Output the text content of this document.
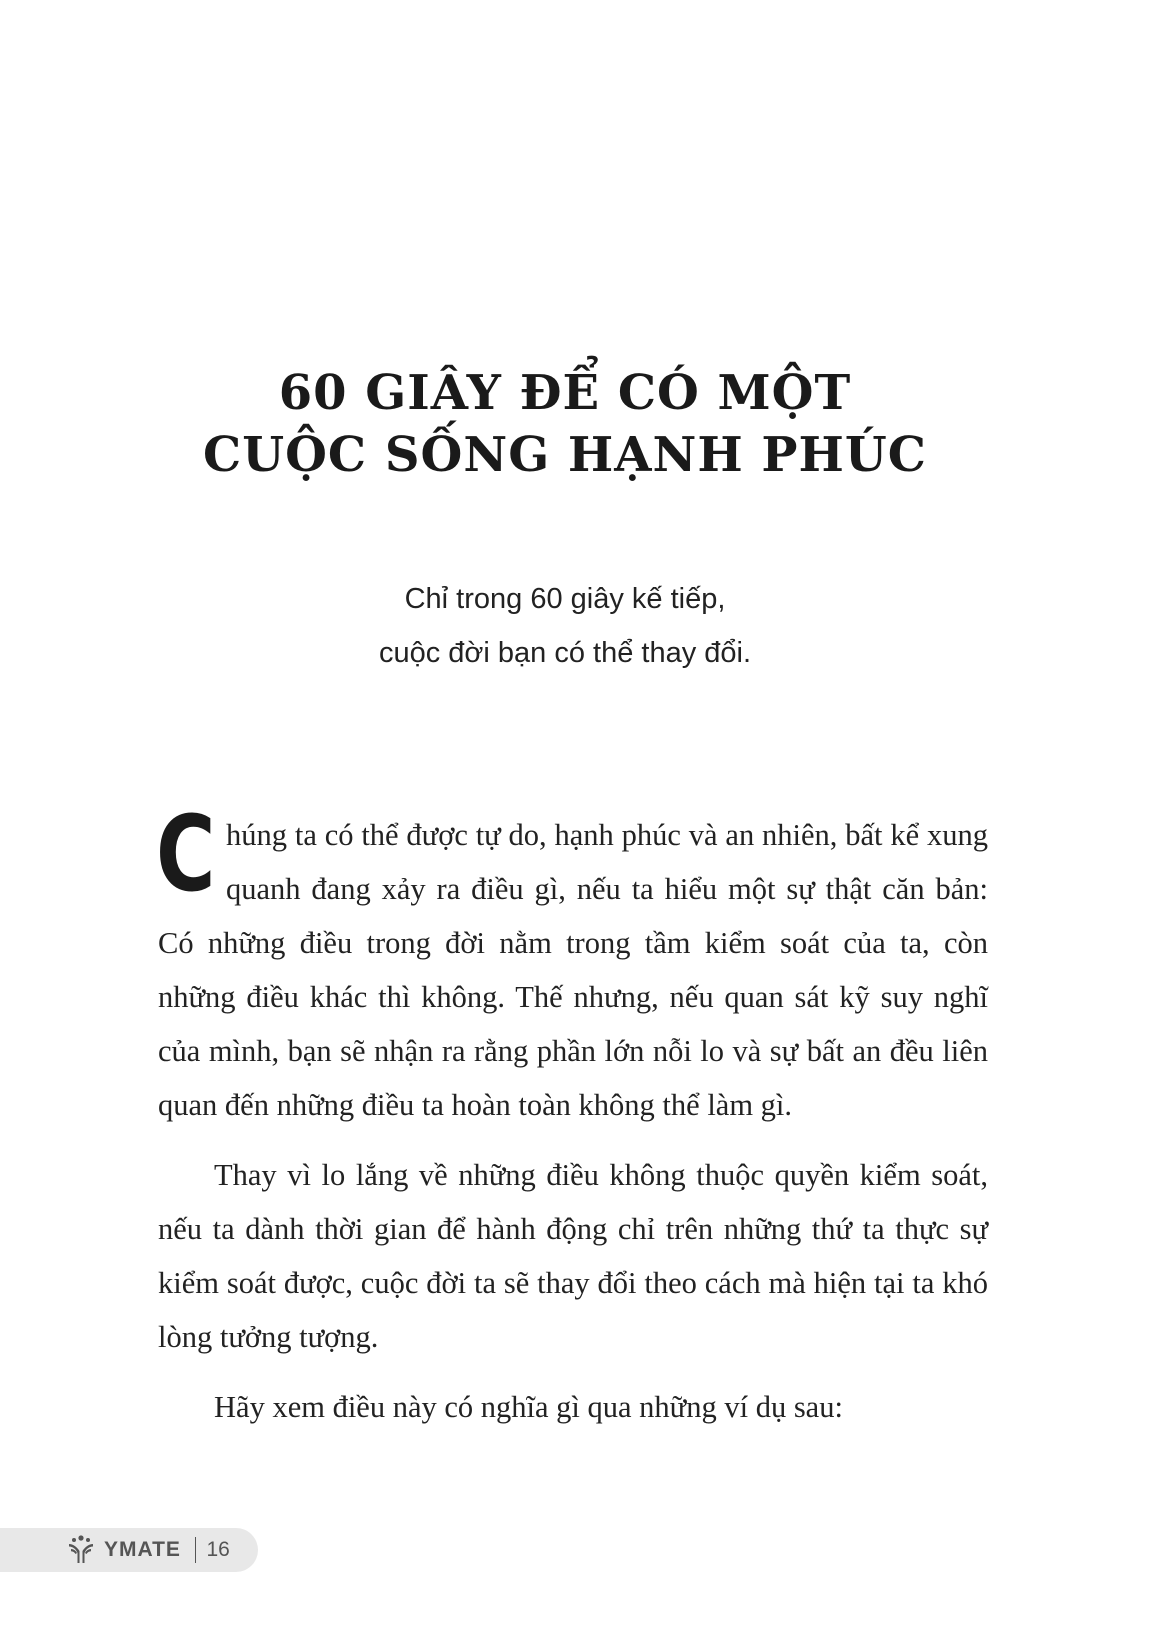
60 GIÂY ĐỂ CÓ MỘT
CUỘC SỐNG HẠNH PHÚC
Chỉ trong 60 giây kế tiếp,
cuộc đời bạn có thể thay đổi.

Chúng ta có thể được tự do, hạnh phúc và an nhiên, bất kể xung quanh đang xảy ra điều gì, nếu ta hiểu một sự thật căn bản: Có những điều trong đời nằm trong tầm kiểm soát của ta, còn những điều khác thì không. Thế nhưng, nếu quan sát kỹ suy nghĩ của mình, bạn sẽ nhận ra rằng phần lớn nỗi lo và sự bất an đều liên quan đến những điều ta hoàn toàn không thể làm gì.

Thay vì lo lắng về những điều không thuộc quyền kiểm soát, nếu ta dành thời gian để hành động chỉ trên những thứ ta thực sự kiểm soát được, cuộc đời ta sẽ thay đổi theo cách mà hiện tại ta khó lòng tưởng tượng.

Hãy xem điều này có nghĩa gì qua những ví dụ sau:

YMATE 16
